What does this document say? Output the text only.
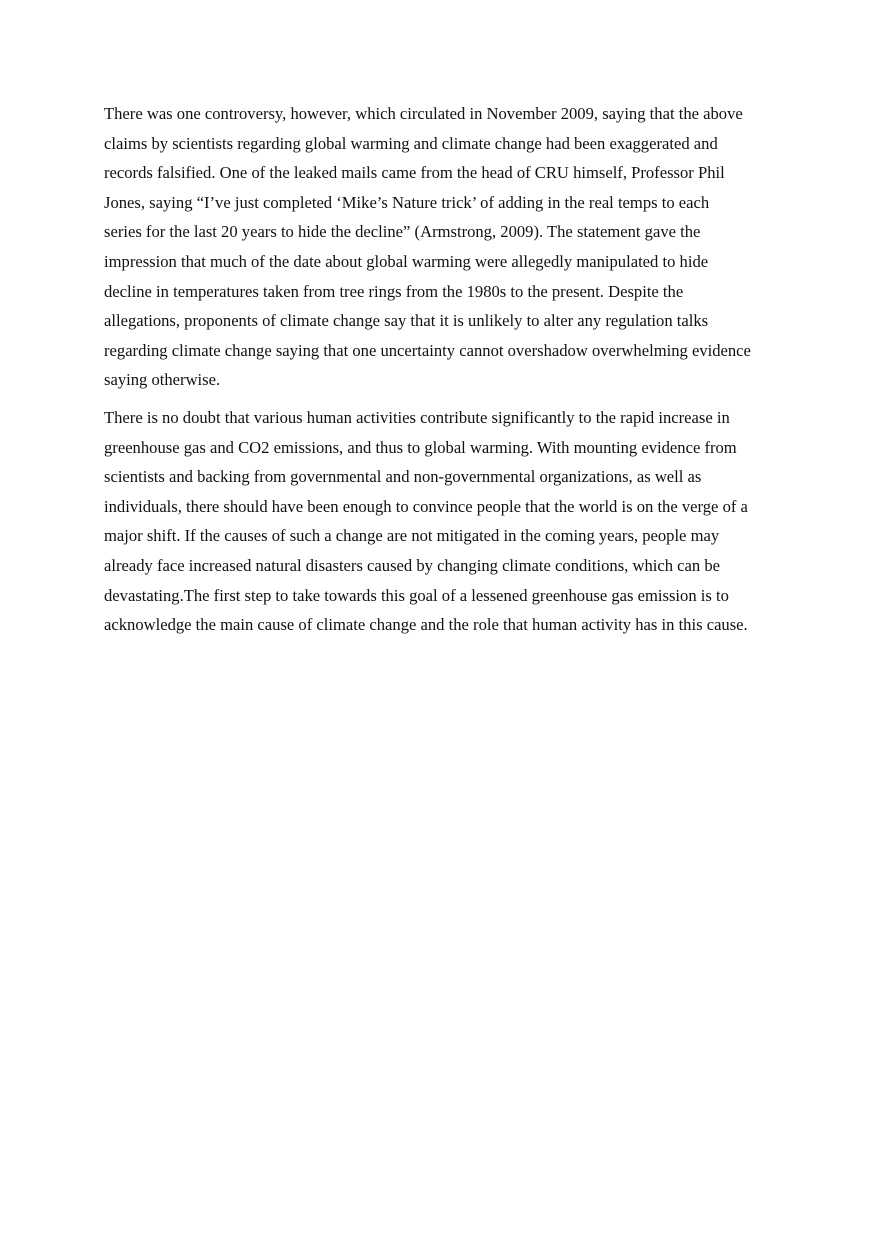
There was one controversy, however, which circulated in November 2009, saying that the above
claims by scientists regarding global warming and climate change had been exaggerated and
records falsified. One of the leaked mails came from the head of CRU himself, Professor Phil
Jones, saying “I’ve just completed ‘Mike’s Nature trick’ of adding in the real temps to each
series for the last 20 years to hide the decline” (Armstrong, 2009). The statement gave the
impression that much of the date about global warming were allegedly manipulated to hide
decline in temperatures taken from tree rings from the 1980s to the present. Despite the
allegations, proponents of climate change say that it is unlikely to alter any regulation talks
regarding climate change saying that one uncertainty cannot overshadow overwhelming evidence
saying otherwise.

There is no doubt that various human activities contribute significantly to the rapid increase in
greenhouse gas and CO2 emissions, and thus to global warming. With mounting evidence from
scientists and backing from governmental and non-governmental organizations, as well as
individuals, there should have been enough to convince people that the world is on the verge of a
major shift. If the causes of such a change are not mitigated in the coming years, people may
already face increased natural disasters caused by changing climate conditions, which can be
devastating.The first step to take towards this goal of a lessened greenhouse gas emission is to
acknowledge the main cause of climate change and the role that human activity has in this cause.
